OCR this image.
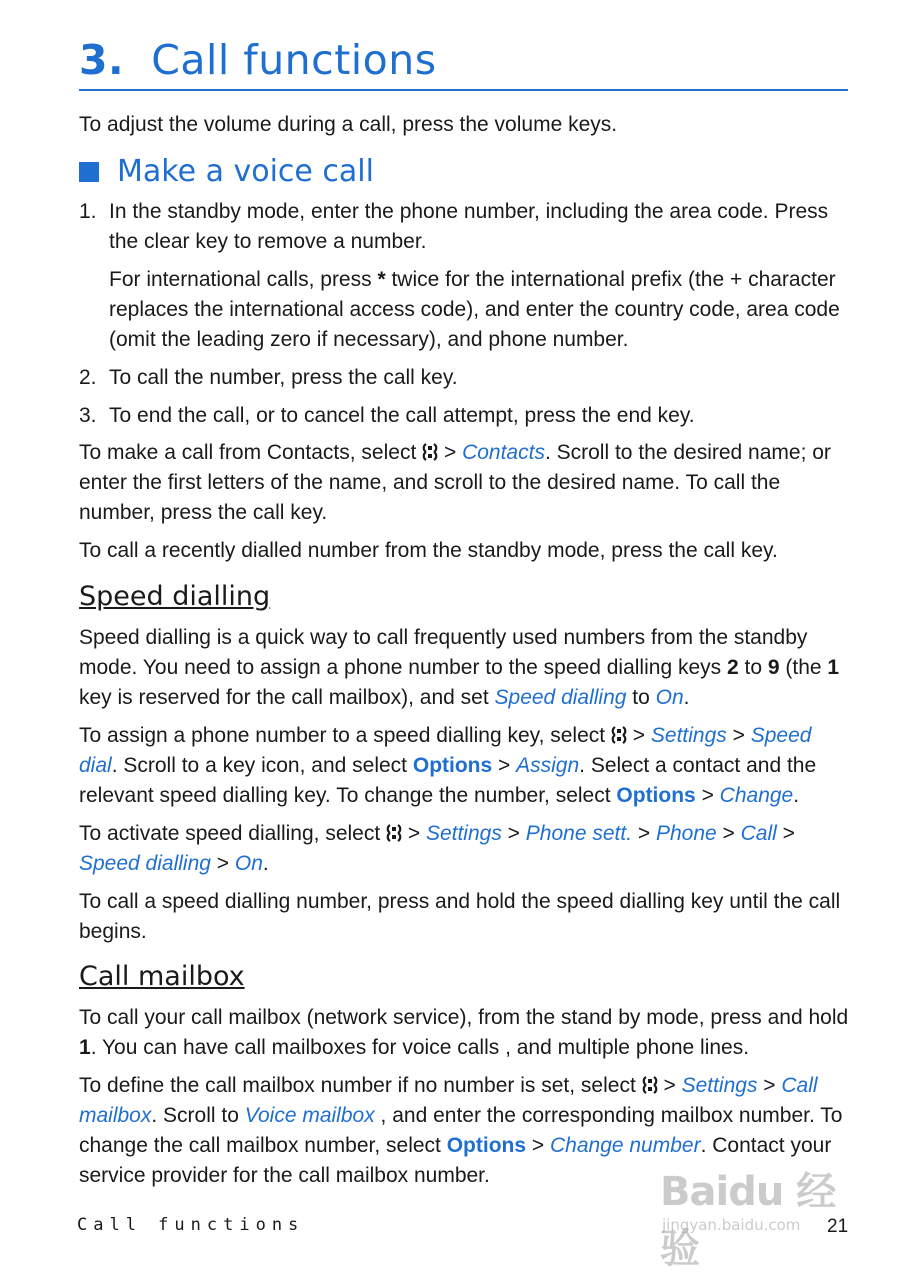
3. Call functions

To adjust the volume during a call, press the volume keys.

Make a voice call
1. In the standby mode, enter the phone number, including the area code. Press the clear key to remove a number.
For international calls, press * twice for the international prefix (the + character replaces the international access code), and enter the country code, area code (omit the leading zero if necessary), and phone number.
2. To call the number, press the call key.
3. To end the call, or to cancel the call attempt, press the end key.

To make a call from Contacts, select  > Contacts. Scroll to the desired name; or enter the first letters of the name, and scroll to the desired name. To call the number, press the call key.

To call a recently dialled number from the standby mode, press the call key.

Speed dialling

Speed dialling is a quick way to call frequently used numbers from the standby mode. You need to assign a phone number to the speed dialling keys 2 to 9 (the 1 key is reserved for the call mailbox), and set Speed dialling to On.

To assign a phone number to a speed dialling key, select  > Settings > Speed dial. Scroll to a key icon, and select Options > Assign. Select a contact and the relevant speed dialling key. To change the number, select Options > Change.

To activate speed dialling, select  > Settings > Phone sett. > Phone > Call > Speed dialling > On.

To call a speed dialling number, press and hold the speed dialling key until the call begins.

Call mailbox

To call your call mailbox (network service), from the stand by mode, press and hold 1. You can have call mailboxes for voice calls , and multiple phone lines.

To define the call mailbox number if no number is set, select  > Settings > Call mailbox. Scroll to Voice mailbox , and enter the corresponding mailbox number. To change the call mailbox number, select Options > Change number. Contact your service provider for the call mailbox number.

Call functions	21
Baidu 经验
jingyan.baidu.com
